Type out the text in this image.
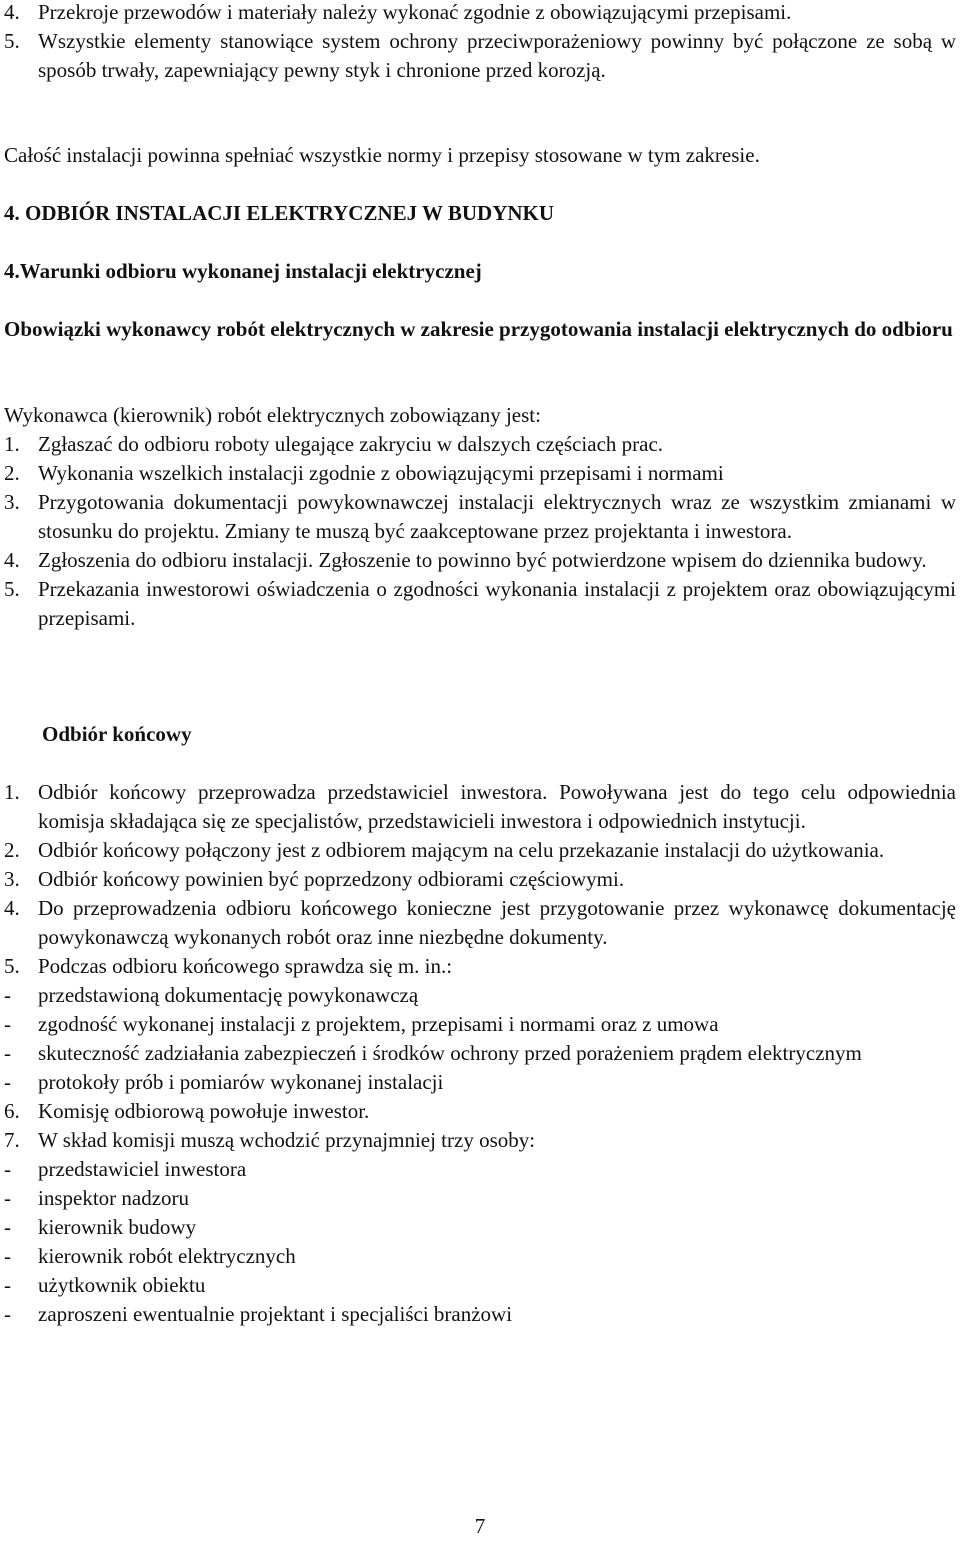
4. Przekroje przewodów i materiały należy wykonać zgodnie z obowiązującymi przepisami.
5. Wszystkie elementy stanowiące system ochrony przeciwporażeniowy powinny być połączone ze sobą w sposób trwały, zapewniający pewny styk i chronione przed korozją.
Całość instalacji powinna spełniać wszystkie normy i przepisy stosowane w tym zakresie.
4. ODBIÓR INSTALACJI ELEKTRYCZNEJ W BUDYNKU
4.Warunki odbioru wykonanej instalacji elektrycznej
Obowiązki wykonawcy robót elektrycznych w zakresie przygotowania instalacji elektrycznych do odbioru
Wykonawca (kierownik) robót elektrycznych zobowiązany jest:
1. Zgłaszać do odbioru roboty ulegające zakryciu w dalszych częściach prac.
2. Wykonania wszelkich instalacji zgodnie z obowiązującymi przepisami i normami
3. Przygotowania dokumentacji powykownawczej instalacji elektrycznych wraz ze wszystkim zmianami w stosunku do projektu. Zmiany te muszą być zaakceptowane przez projektanta i inwestora.
4. Zgłoszenia do odbioru instalacji. Zgłoszenie to powinno być potwierdzone wpisem do dziennika budowy.
5. Przekazania inwestorowi oświadczenia o zgodności wykonania instalacji z projektem oraz obowiązującymi przepisami.
Odbiór końcowy
1. Odbiór końcowy przeprowadza przedstawiciel inwestora. Powoływana jest do tego celu odpowiednia komisja składająca się ze specjalistów, przedstawicieli inwestora i odpowiednich instytucji.
2. Odbiór końcowy połączony jest z odbiorem mającym na celu przekazanie instalacji do użytkowania.
3. Odbiór końcowy powinien być poprzedzony odbiorami częściowymi.
4. Do przeprowadzenia odbioru końcowego konieczne jest przygotowanie przez wykonawcę dokumentację powykonawczą wykonanych robót oraz inne niezbędne dokumenty.
5. Podczas odbioru końcowego sprawdza się m. in.:
-	przedstawioną dokumentację powykonawczą
-	zgodność wykonanej instalacji z projektem, przepisami i normami oraz z umowa
-	skuteczność zadziałania zabezpieczeń i środków ochrony przed porażeniem prądem elektrycznym
-	protokoły prób i pomiarów wykonanej instalacji
6. Komisję odbiorową powołuje inwestor.
7. W skład komisji muszą wchodzić przynajmniej trzy osoby:
-	przedstawiciel inwestora
-	inspektor nadzoru
-	kierownik budowy
-	kierownik robót elektrycznych
-	użytkownik obiektu
-	zaproszeni ewentualnie projektant i specjaliści branżowi
7
